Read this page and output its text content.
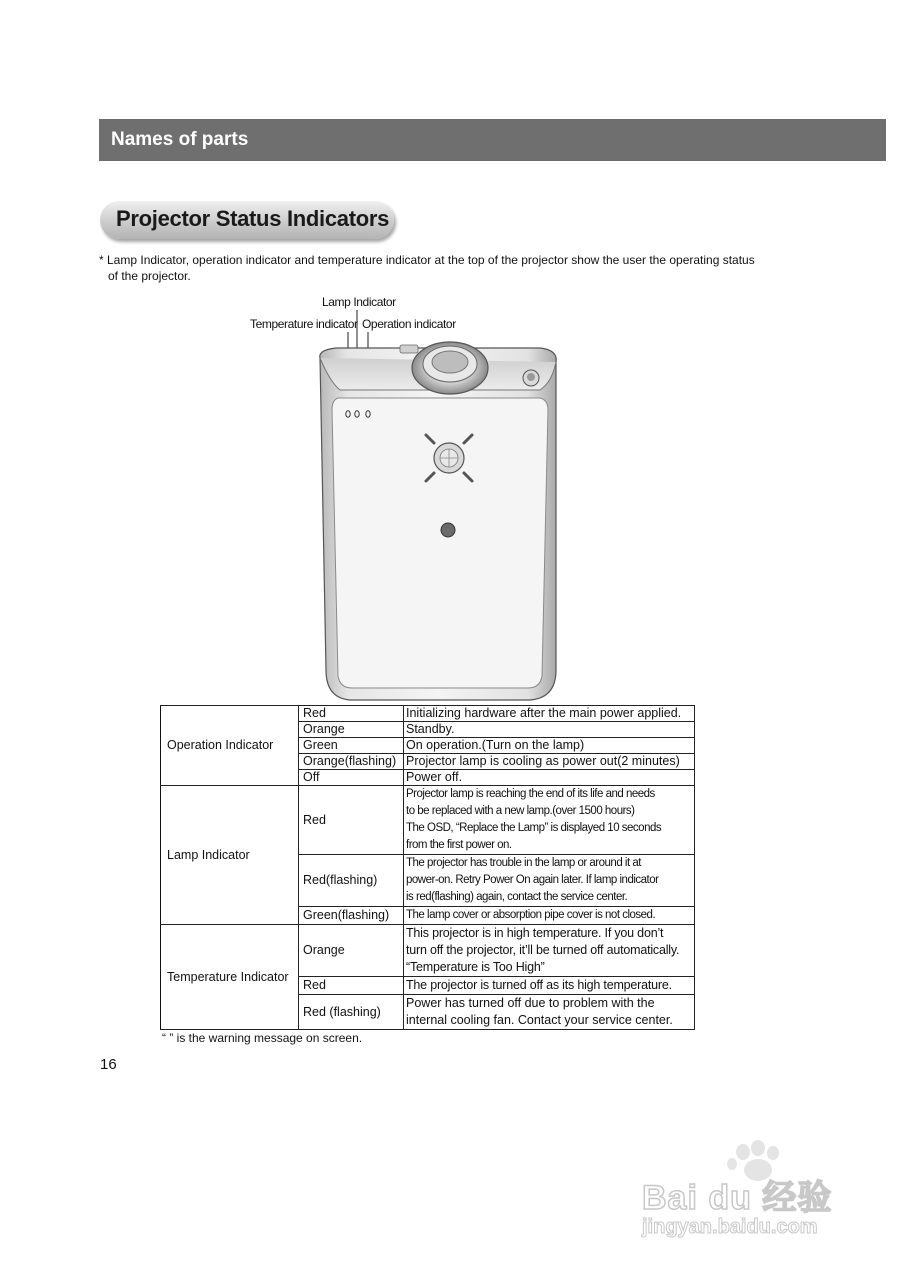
Names of parts
Projector Status Indicators
* Lamp Indicator, operation indicator and temperature indicator at the top of the projector show the user the operating status
of the projector.
Lamp Indicator
Temperature indicator Operation indicator
Operation Indicator	Red	Initializing hardware after the main power applied.
	Orange	Standby.
	Green	On operation.(Turn on the lamp)
	Orange(flashing)	Projector lamp is cooling as power out(2 minutes)
	Off	Power off.
Lamp Indicator	Red	Projector lamp is reaching the end of its life and needs
to be replaced with a new lamp.(over 1500 hours)
The OSD, “Replace the Lamp” is displayed 10 seconds
from the first power on.
	Red(flashing)	The projector has trouble in the lamp or around it at
power-on. Retry Power On again later. If lamp indicator
is red(flashing) again, contact the service center.
	Green(flashing)	The lamp cover or absorption pipe cover is not closed.
Temperature Indicator	Orange	This projector is in high temperature. If you don’t
turn off the projector, it’ll be turned off automatically.
“Temperature is Too High”
	Red	The projector is turned off as its high temperature.
	Red (flashing)	Power has turned off due to problem with the
internal cooling fan. Contact your service center.
“ ” is the warning message on screen.
16
Bai du 经验
jingyan.baidu.com
